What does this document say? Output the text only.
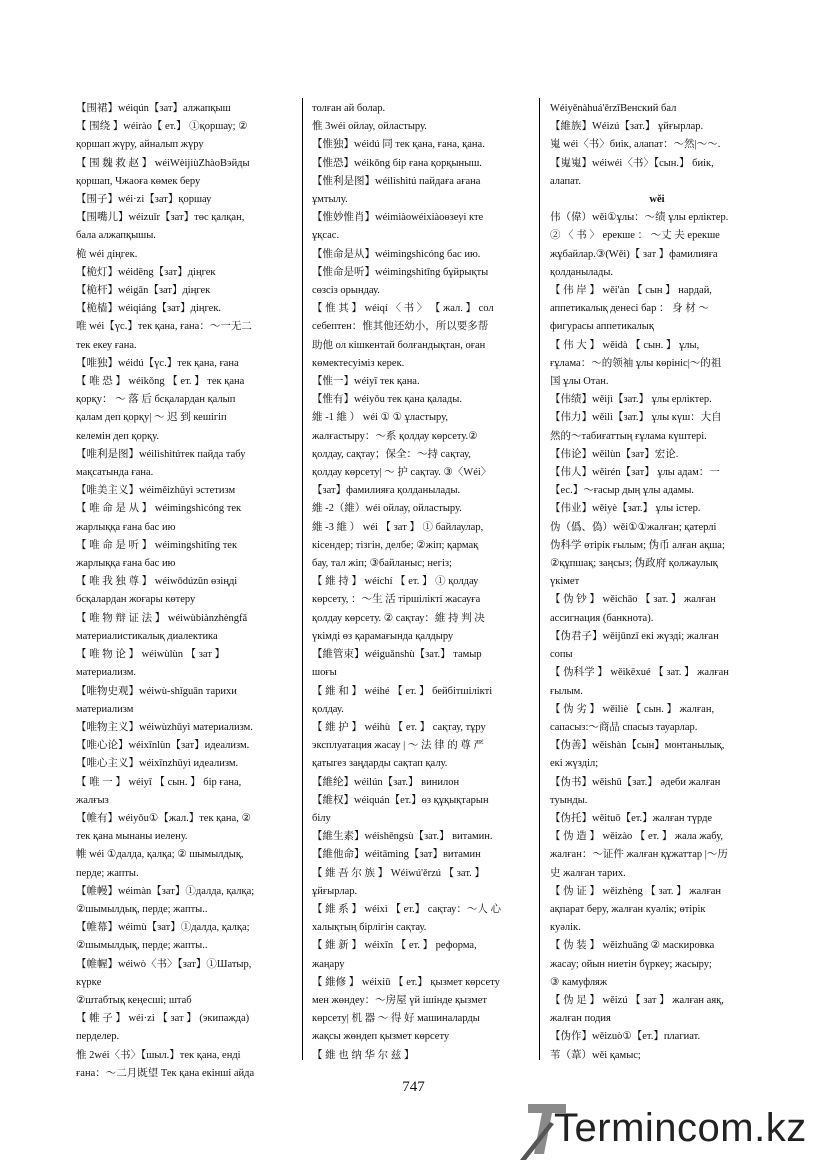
【围裙】wéiqún【зат】алжапқыш
【 围绕 】wéirào【 ет.】 ①қоршау; ②
қоршап жүру, айналып жүру
【 围 魏 救 赵 】 wéiWèijiùZhàoВэйды
қоршап, Чжаоға көмек беру
【围子】wéi·zi【зат】қоршау
【围嘴儿】wéizuǐr【зат】төс қалқан,
бала алжапқышы.
桅 wéi діңгек.
【桅灯】wéidēng【зат】діңгек
【桅杆】wéigān【зат】діңгек
【桅樯】wéiqiáng【зат】діңгек.
唯 wéi【үс.】тек қана, ғана：～一无二
тек екеу ғана.
【唯独】wéidú【үс.】тек қана, ғана
【 唯 恐 】 wéikǒng 【 ет. 】 тек қана
қорқу： ～ 落 后 бсқалардан қалып
қалам деп қорқу| ～ 迟 到 кешігіп
келемін деп қорқу.
【唯利是图】wéilìshìtúтек пайда табу
мақсатында ғана.
【唯美主义】wéiměizhǔyì эстетизм
【 唯 命 是 从 】 wéimìngshìcóng тек
жарлыққа ғана бас ию
【 唯 命 是 听 】 wéimìngshìtīng тек
жарлыққа ғана бас ию
【 唯 我 独 尊 】 wéiwǒdúzūn өзіңді
бсқалардан жоғары көтеру
【 唯 物 辩 证 法 】 wéiwùbiànzhèngfǎ
материалистикалық диалектика
【 唯 物 论 】 wéiwùlùn 【 зат 】
материализм.
【唯物史观】wéiwù-shǐguān тарихи
материализм
【唯物主义】wéiwùzhǔyì материализм.
【唯心论】wéixīnlùn【зат】идеализм.
【唯心主义】wéixīnzhǔyì идеализм.
【 唯 一 】 wéiyī 【 сын. 】 бір ғана,
жалғыз
【帷有】wéiyǒu①【жал.】тек қана, ②
тек қана мынаны иелену.
帷 wéi ①далда, қалқа; ② шымылдық,
перде; жапты.
【帷幔】wéimàn【зат】①далда, қалқа;
②шымылдық, перде; жапты..
【帷幕】wéimù【зат】①далда, қалқа;
②шымылдық, перде; жапты..
【帷幄】wéiwò〈书〉【зат】①Шатыр,
күркe
②штабтық кеңесші; штаб
【 帷 子 】 wéi·zi 【 зат 】 (экипажда)
перделер.
惟 2wéi〈书〉【шыл.】тек қана, енді
ғана：～二月既望 Тек қана екінші айда
толған ай болар.
惟 3wéi ойлау, ойластыру.
【惟独】wéidú 同 тек қана, ғана, қана.
【惟恐】wéikǒng бір ғана қорқыныш.
【惟利是图】wéilìshìtú пайдаға ағана
ұмтылу.
【惟妙惟肖】wéimiàowéixiàoөзеуі кте
ұқсас.
【惟命是从】wéimìngshìcóng бас ию.
【惟命是听】wéimìngshìtīng бұйрықты
сөзсіз орындау.
【 惟 其 】 wéiqí 〈 书 〉 【 жал. 】 сол
себептен：惟其他还幼小，所以要多帮
助他 ол кішкентай болғандықтан, оған
көмектесуіміз керек.
【惟一】wéiyī тек қана.
【惟有】wéiyǒu тек қана қалады.
維 -1 維 ） wéi ① ① ұластыру,
жалғастыру：～系 қолдау көрсету.②
қолдау, сақтау；保全：～持 сақтау,
қолдау көрсету| ～ 护 сақтау. ③〈Wéi〉
【зат】фамилияға қолданылады.
維 -2（維）wéi ойлау, ойластыру.
維 -3 維 ） wéi 【 зат 】 ① байлаулар,
кісендер; тізгін, делбе; ②жіп; қармақ
бау, тал жіп; ③байланыс; негіз;
【 維 持 】 wéichí 【 ет. 】 ① қолдау
көрсету, ：～生 活 тіршілікті жасауға
қолдау көрсету. ② сақтау：維 持 判 决
үкімді өз қарамағында қалдыру
【維管束】wéiguǎnshù【зат.】 тамыр
шоғы
【 維 和 】 wéihé 【 ет. 】 бейбітшілікті
қолдау.
【 維 护 】 wéihù 【 ет. 】 сақтау, тұру
эксплуатация жасау | ～ 法 律 的 尊 严
қатыгез заңдарды сақтап қалу.
【維纶】wéilún【зат.】 винилон
【維权】wéiquán【ет.】өз құқықтарын
білу
【維生素】wéishēngsù【зат.】 витамин.
【維他命】wéitāmìng【зат】витамин
【 維 吾 尔 族 】 Wéiwú'ěrzú 【 зат. 】
ұйғырлар.
【 維 系 】 wéixì 【 ет.】 сақтау：～人 心
халықтың бірлігін сақтау.
【 維 新 】 wéixīn 【 ет. 】 реформа,
жаңару
【 維修 】 wéixiū 【 ет.】 қызмет көрсету
мен жөндеу：～房屋 үй ішінде қызмет
көрсету| 机 器 ～ 得 好 машиналарды
жақсы жөндеп қызмет көрсету
【 維 也 纳 华 尔 兹 】
Wéiyěnàhuá'ěrzīВенский бал
【維族】Wéizú【зат.】 ұйғырлар.
嵬 wéi〈书〉биік, алапат：～然|～～.
【嵬嵬】wéiwéi〈书〉【сын.】 биік,
алапат.
wěi
伟（偉）wěi①ұлы：～绩 ұлы ерліктер.
② 〈 书 〉 ерекше ： ～丈 夫 ерекше
жұбайлар.③(Wěi)【 зат 】фамилияға
қолданылады.
【 伟 岸 】 wěi'àn 【 сын 】 нардай,
аппетикалық денесі бар ： 身 材 ～
фигурасы аппетикалық
【 伟 大 】 wěidà 【 сын. 】 ұлы,
ғұлама：～的领袖 ұлы көрініс|～的祖
国 ұлы Отан.
【伟绩】wěijì【зат.】 ұлы ерліктер.
【伟力】wěilì【зат.】 ұлы күш：大自
然的～табиғаттың ғұлама күштері.
【伟论】wěilùn【зат】宏论.
【伟人】wěirén【зат】 ұлы адам：一
【ес.】～ғасыр дың ұлы адамы.
【伟业】wěiyè【зат.】 ұлы істер.
伪（僞、偽）wěi①①жалған; қатерлі
伪科学 өтірік ғылым; 伪币 алған ақша;
②құпшақ; заңсыз; 伪政府 қолжаулық
үкімет
【 伪 钞 】 wěichāo 【 зат. 】 жалған
ассигнация (банкнота).
【伪君子】wěijūnzǐ екі жүзді; жалған
сопы
【 伪科学 】 wěikēxué 【 зат. 】 жалған
ғылым.
【 伪 劣 】 wěiliè 【 сын. 】 жалған,
сапасыз:～商品 спасыз тауарлар.
【伪善】wěishàn【сын】монтанылық,
екі жүзділ;
【伪书】wěishū【зат.】 әдеби жалған
туынды.
【伪托】wěituō【ет.】жалған түрде
【 伪 造 】 wěizào 【 ет. 】 жала жабу,
жалған：～证件 жалған құжаттар |～历
史 жалған тарих.
【 伪 证 】 wěizhèng 【 зат. 】 жалған
ақпарат беру, жалған куәлік; өтірік
куәлік.
【 伪 装 】 wěizhuāng ② маскировка
жасау; ойын ниетін бүркеу; жасыру;
③ камуфляж
【 伪 足 】 wěizú 【 зат 】 жалған аяқ,
жалған подия
【伪作】wěizuò①【ет.】плагиат.
苇（葦）wěi қамыс;
747
Termincom.kz
